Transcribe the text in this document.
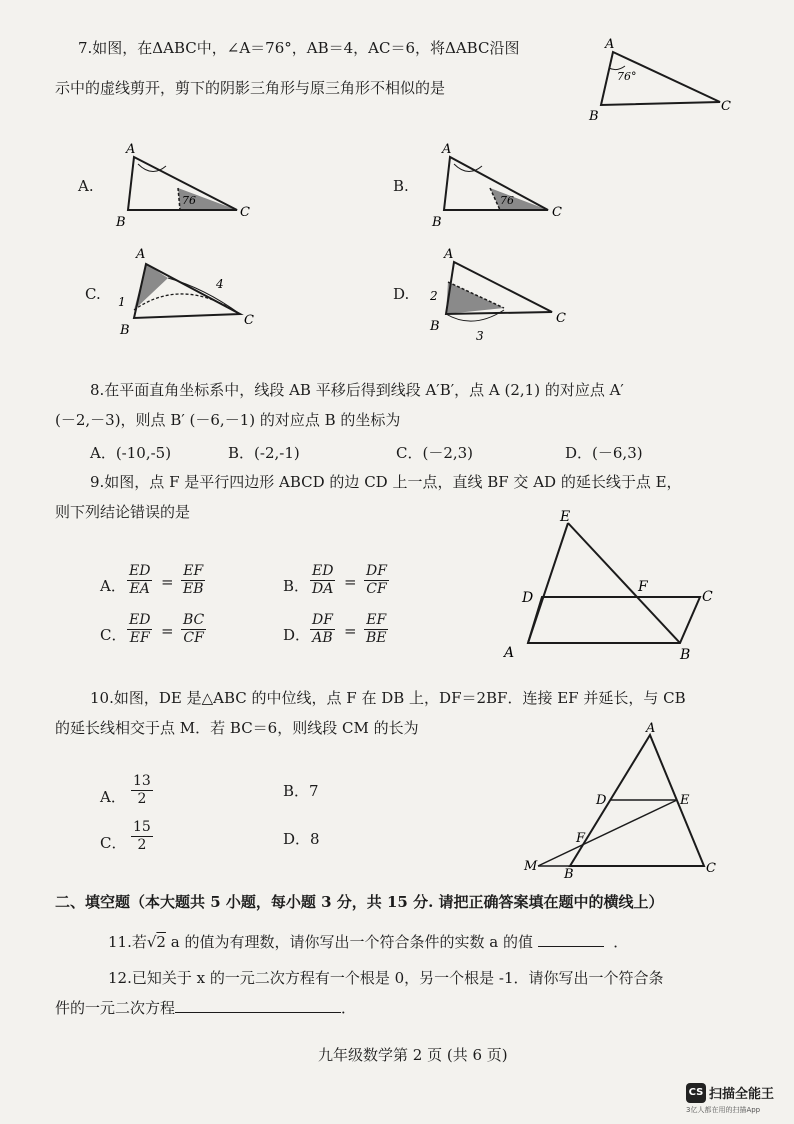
7.如图，在ΔABC中，∠A＝76°，AB＝4，AC＝6，将ΔABC沿图
示中的虚线剪开，剪下的阴影三角形与原三角形不相似的是
A
B
C
76°
A.
A
B
C
76
B.
A
B
C
76
C.
A
B
C
1
4
D.
A
B
C
2
3
8.在平面直角坐标系中，线段 AB 平移后得到线段 A′B′，点 A (2,1) 的对应点 A′
(－2,－3)，则点 B′ (－6,－1) 的对应点 B 的坐标为
A．(-10,-5)	B．(-2,-1)	C．(－2,3)	D．(－6,3)
9.如图，点 F 是平行四边形 ABCD 的边 CD 上一点，直线 BF 交 AD 的延长线于点 E，
则下列结论错误的是
A． $\frac{ED}{EA} = \frac{EF}{EB}$	B． $\frac{ED}{DA} = \frac{DF}{CF}$
C． $\frac{ED}{EF} = \frac{BC}{CF}$	D． $\frac{DF}{AB} = \frac{EF}{BE}$
E
D
F
C
A	B
10.如图，DE 是△ABC 的中位线，点 F 在 DB 上，DF＝2BF．连接 EF 并延长，与 CB
的延长线相交于点 M．若 BC＝6，则线段 CM 的长为
A． $\frac{13}{2}$	B．7
C． $\frac{15}{2}$	D．8
A
D	E
F
M
B	C
二、填空题（本大题共 5 小题，每小题 3 分，共 15 分. 请把正确答案填在题中的横线上）
11.若√2 a 的值为有理数，请你写出一个符合条件的实数 a 的值	．
12.已知关于 x 的一元二次方程有一个根是 0，另一个根是 -1．请你写出一个符合条
件的一元二次方程	．
九年级数学第 2 页 (共 6 页)
CS 扫描全能王
3亿人都在用的扫描App
